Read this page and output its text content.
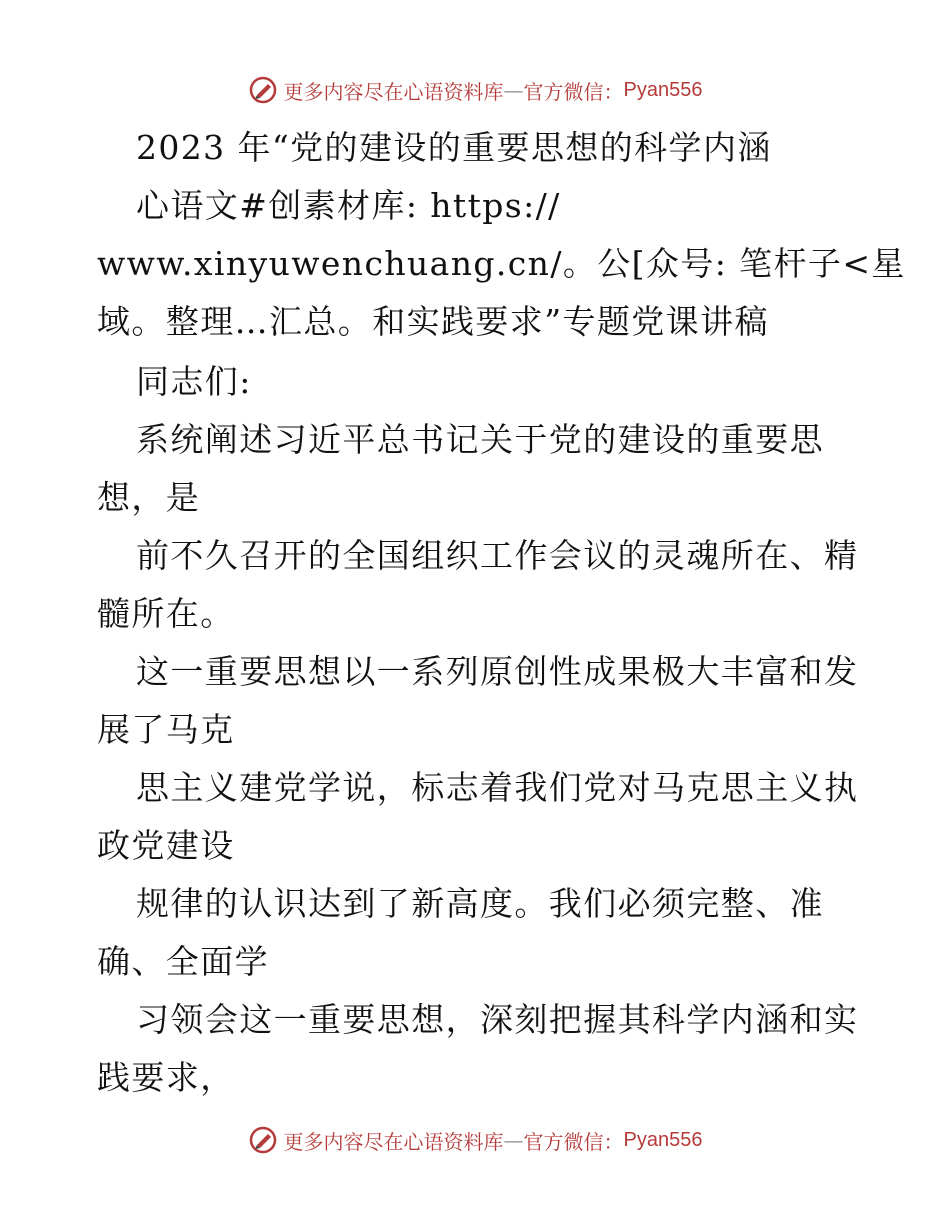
更多内容尽在心语资料库 — 官方微信： Pyan556
2023 年“党的建设的重要思想的科学内涵
心语文#创素材库: https://
www.xinyuwenchuang.cn/。公[众号: 笔杆子<星
域。整理…汇总。和实践要求”专题党课讲稿
同志们:
系统阐述习近平总书记关于党的建设的重要思
想，是
前不久召开的全国组织工作会议的灵魂所在、精
髓所在。
这一重要思想以一系列原创性成果极大丰富和发
展了马克
思主义建党学说，标志着我们党对马克思主义执
政党建设
规律的认识达到了新高度。我们必须完整、准
确、全面学
习领会这一重要思想，深刻把握其科学内涵和实
践要求，
更多内容尽在心语资料库 — 官方微信： Pyan556
